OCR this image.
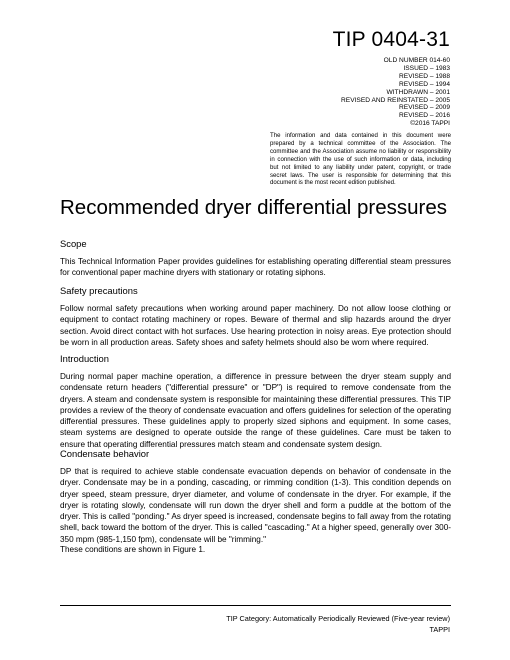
TIP 0404-31
OLD NUMBER 014-60
ISSUED – 1983
REVISED – 1988
REVISED – 1994
WITHDRAWN – 2001
REVISED AND REINSTATED – 2005
REVISED – 2009
REVISED – 2016
©2016 TAPPI
The information and data contained in this document were prepared by a technical committee of the Association. The committee and the Association assume no liability or responsibility in connection with the use of such information or data, including but not limited to any liability under patent, copyright, or trade secret laws. The user is responsible for determining that this document is the most recent edition published.
Recommended dryer differential pressures
Scope
This Technical Information Paper provides guidelines for establishing operating differential steam pressures for conventional paper machine dryers with stationary or rotating siphons.
Safety precautions
Follow normal safety precautions when working around paper machinery. Do not allow loose clothing or equipment to contact rotating machinery or ropes. Beware of thermal and slip hazards around the dryer section. Avoid direct contact with hot surfaces. Use hearing protection in noisy areas. Eye protection should be worn in all production areas. Safety shoes and safety helmets should also be worn where required.
Introduction
During normal paper machine operation, a difference in pressure between the dryer steam supply and condensate return headers ("differential pressure" or "DP") is required to remove condensate from the dryers. A steam and condensate system is responsible for maintaining these differential pressures. This TIP provides a review of the theory of condensate evacuation and offers guidelines for selection of the operating differential pressures. These guidelines apply to properly sized siphons and equipment. In some cases, steam systems are designed to operate outside the range of these guidelines. Care must be taken to ensure that operating differential pressures match steam and condensate system design.
Condensate behavior
DP that is required to achieve stable condensate evacuation depends on behavior of condensate in the dryer. Condensate may be in a ponding, cascading, or rimming condition (1-3). This condition depends on dryer speed, steam pressure, dryer diameter, and volume of condensate in the dryer. For example, if the dryer is rotating slowly, condensate will run down the dryer shell and form a puddle at the bottom of the dryer. This is called "ponding." As dryer speed is increased, condensate begins to fall away from the rotating shell, back toward the bottom of the dryer. This is called "cascading." At a higher speed, generally over 300-350 mpm (985-1,150 fpm), condensate will be "rimming."
These conditions are shown in Figure 1.
TIP Category: Automatically Periodically Reviewed (Five-year review)
TAPPI
